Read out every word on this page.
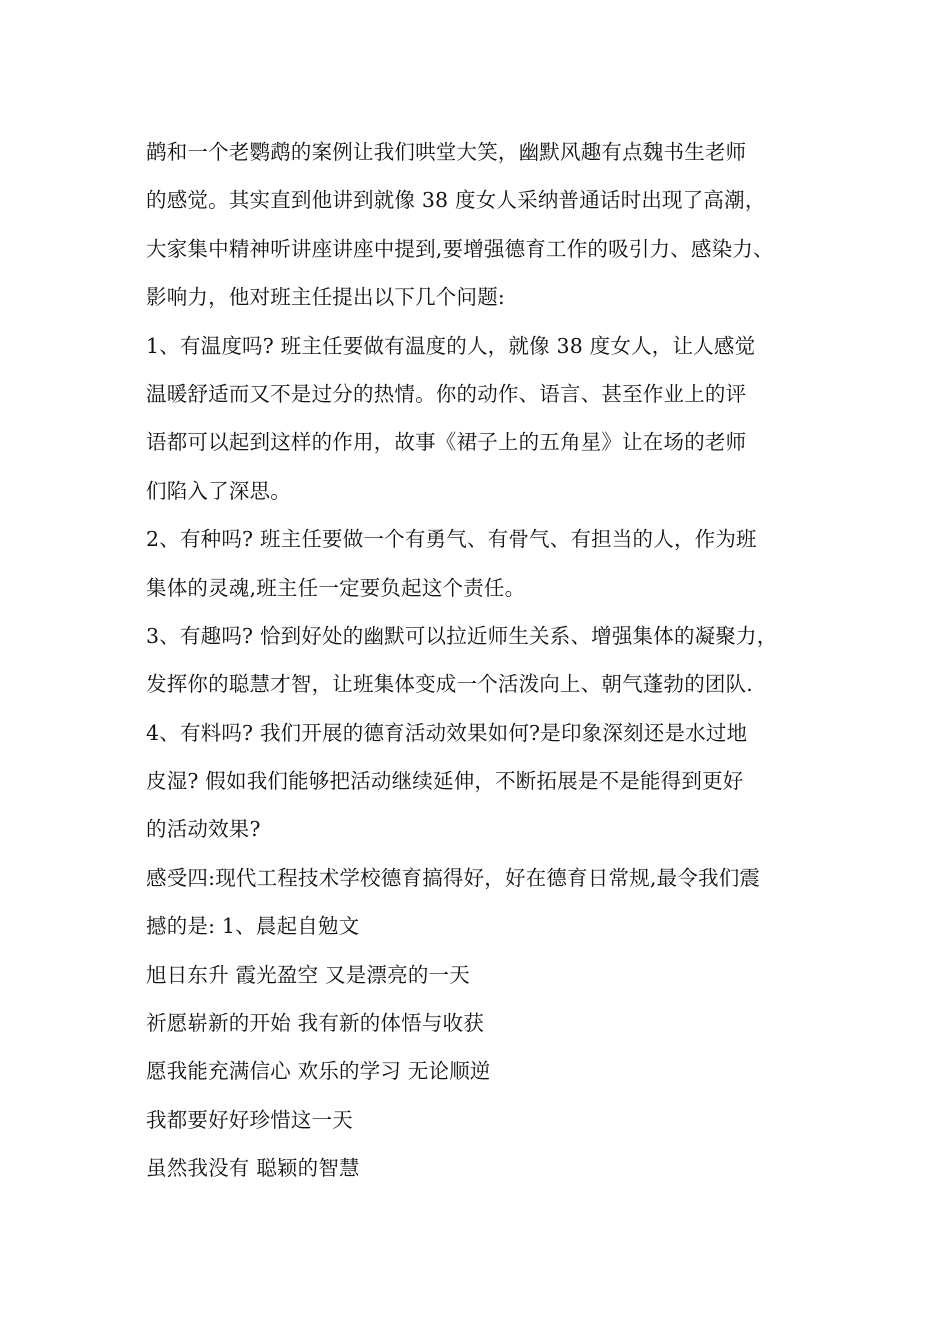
鹋和一个老鹦鹉的案例让我们哄堂大笑，幽默风趣有点魏书生老师
的感觉。其实直到他讲到就像 38 度女人采纳普通话时出现了高潮，
大家集中精神听讲座讲座中提到,要增强德育工作的吸引力、感染力、
影响力，他对班主任提出以下几个问题:
1、有温度吗? 班主任要做有温度的人，就像 38 度女人，让人感觉
温暖舒适而又不是过分的热情。你的动作、语言、甚至作业上的评
语都可以起到这样的作用，故事《裙子上的五角星》让在场的老师
们陷入了深思。
2、有种吗? 班主任要做一个有勇气、有骨气、有担当的人，作为班
集体的灵魂,班主任一定要负起这个责任。
3、有趣吗? 恰到好处的幽默可以拉近师生关系、增强集体的凝聚力，
发挥你的聪慧才智，让班集体变成一个活泼向上、朝气蓬勃的团队.
4、有料吗? 我们开展的德育活动效果如何?是印象深刻还是水过地
皮湿? 假如我们能够把活动继续延伸，不断拓展是不是能得到更好
的活动效果?
感受四:现代工程技术学校德育搞得好，好在德育日常规,最令我们震
撼的是: 1、晨起自勉文
旭日东升 霞光盈空 又是漂亮的一天
祈愿崭新的开始 我有新的体悟与收获
愿我能充满信心 欢乐的学习 无论顺逆
我都要好好珍惜这一天
虽然我没有 聪颖的智慧
